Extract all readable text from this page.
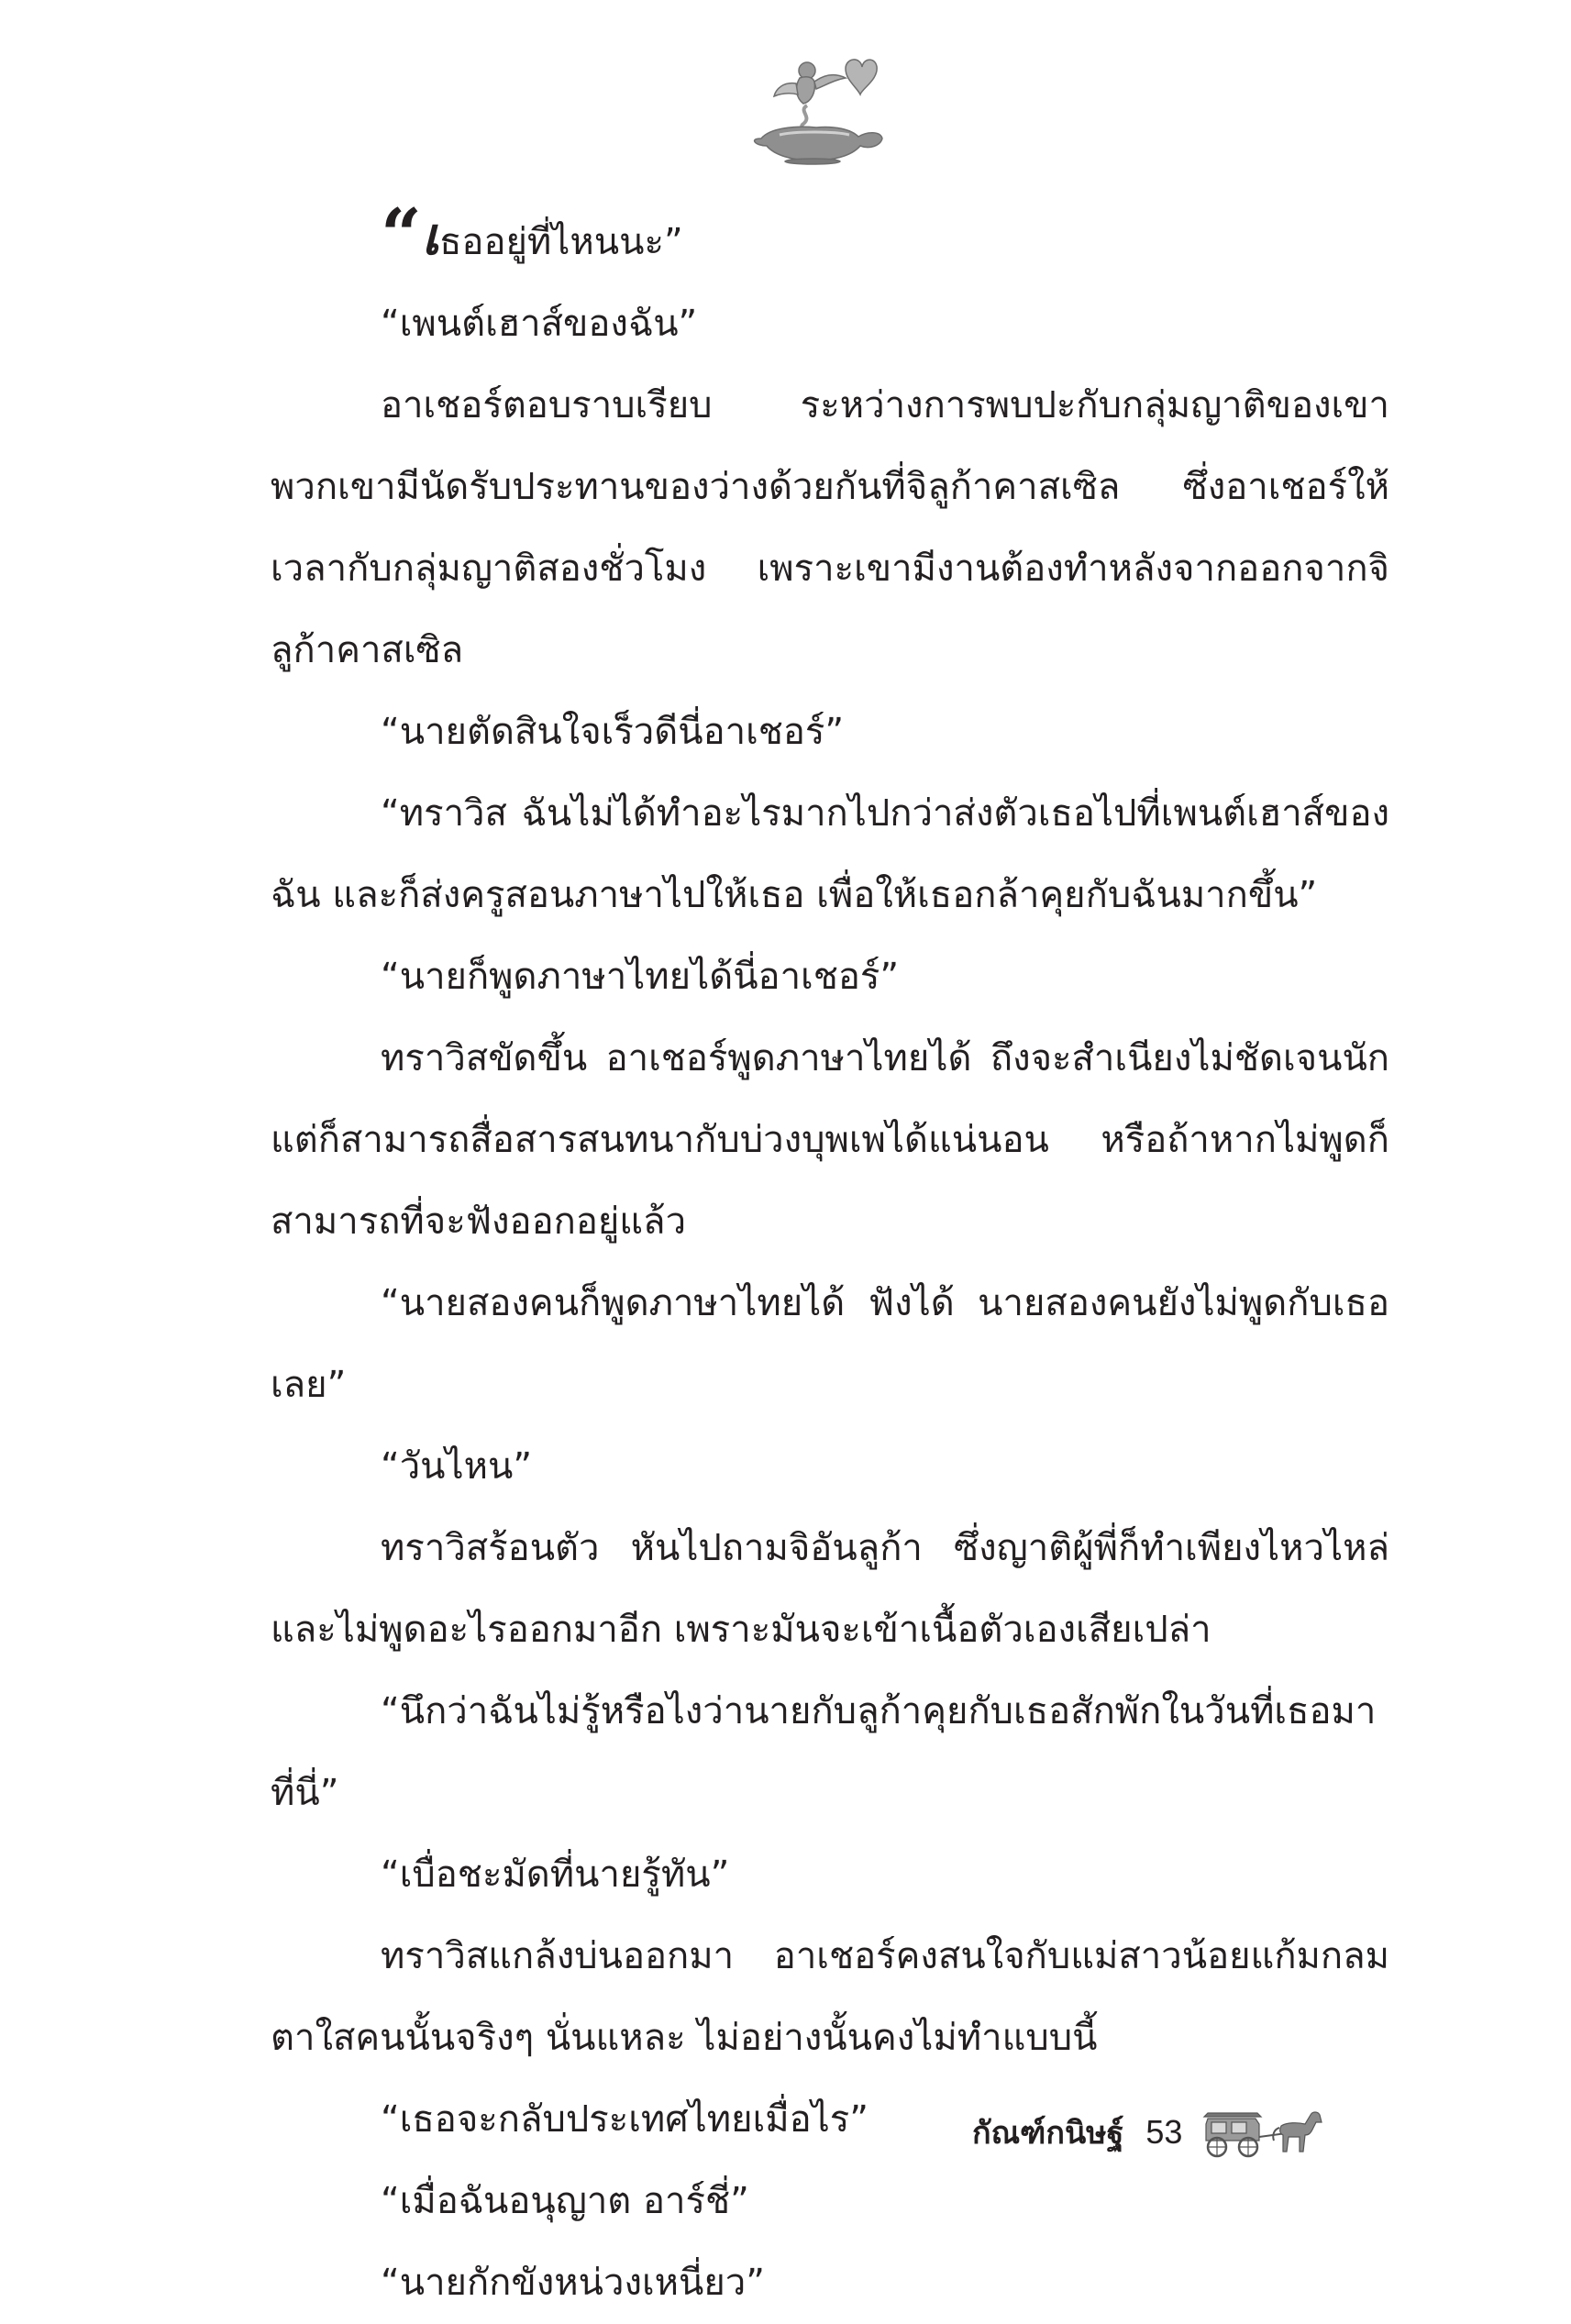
“เธออยู่ที่ไหนนะ”

“เพนต์เฮาส์ของฉัน”

อาเชอร์ตอบราบเรียบ ระหว่างการพบปะกับกลุ่มญาติของเขา พวกเขามีนัดรับประทานของว่างด้วยกันที่จิลูก้าคาสเซิล ซึ่งอาเชอร์ให้เวลากับกลุ่มญาติสองชั่วโมง เพราะเขามีงานต้องทำหลังจากออกจากจิลูก้าคาสเซิล

“นายตัดสินใจเร็วดีนี่อาเชอร์”

“ทราวิส ฉันไม่ได้ทำอะไรมากไปกว่าส่งตัวเธอไปที่เพนต์เฮาส์ของฉัน และก็ส่งครูสอนภาษาไปให้เธอ เพื่อให้เธอกล้าคุยกับฉันมากขึ้น”

“นายก็พูดภาษาไทยได้นี่อาเชอร์”

ทราวิสขัดขึ้น อาเชอร์พูดภาษาไทยได้ ถึงจะสำเนียงไม่ชัดเจนนักแต่ก็สามารถสื่อสารสนทนากับบ่วงบุพเพได้แน่นอน หรือถ้าหากไม่พูดก็สามารถที่จะฟังออกอยู่แล้ว

“นายสองคนก็พูดภาษาไทยได้ ฟังได้ นายสองคนยังไม่พูดกับเธอเลย”

“วันไหน”

ทราวิสร้อนตัว หันไปถามจิอันลูก้า ซึ่งญาติผู้พี่ก็ทำเพียงไหวไหล่และไม่พูดอะไรออกมาอีก เพราะมันจะเข้าเนื้อตัวเองเสียเปล่า

“นึกว่าฉันไม่รู้หรือไงว่านายกับลูก้าคุยกับเธอสักพักในวันที่เธอมาที่นี่”

“เบื่อชะมัดที่นายรู้ทัน”

ทราวิสแกล้งบ่นออกมา อาเชอร์คงสนใจกับแม่สาวน้อยแก้มกลมตาใสคนนั้นจริงๆ นั่นแหละ ไม่อย่างนั้นคงไม่ทำแบบนี้

“เธอจะกลับประเทศไทยเมื่อไร”

“เมื่อฉันอนุญาต อาร์ชี่”

“นายกักขังหน่วงเหนี่ยว”

กัณฑ์กนิษฐ์ 53
